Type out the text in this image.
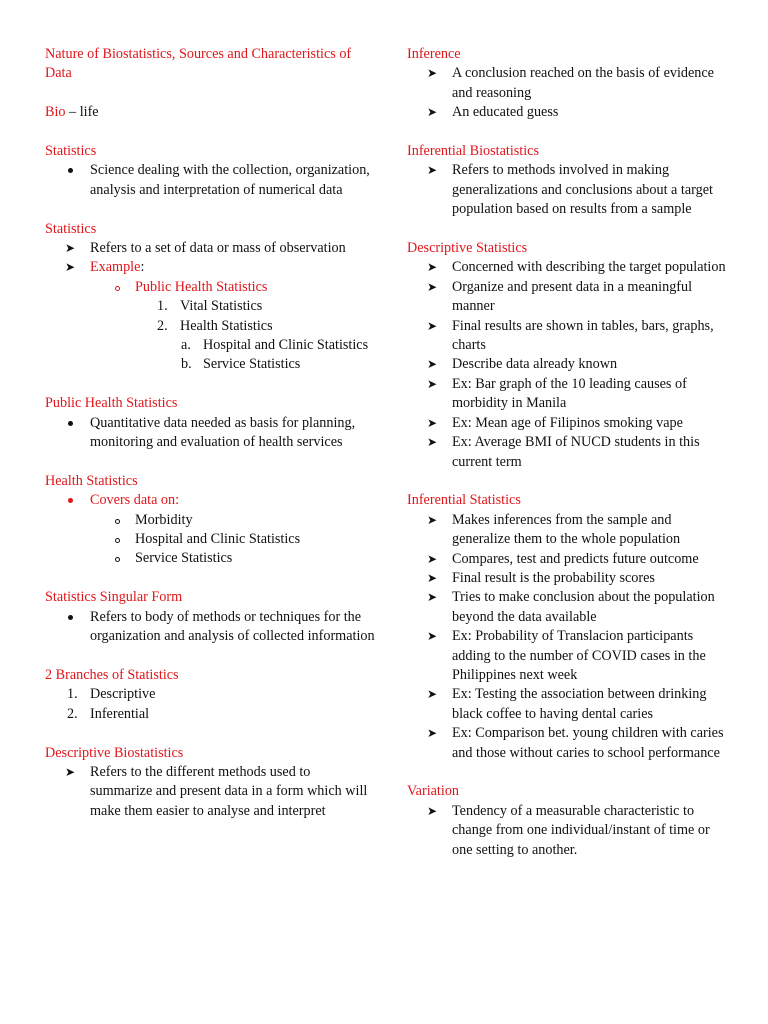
Nature of Biostatistics, Sources and Characteristics of Data

Bio – life

Statistics

Science dealing with the collection, organization, analysis and interpretation of numerical data

Statistics

➤ Refers to a set of data or mass of observation
➤ Example:
Public Health Statistics
1. Vital Statistics
2. Health Statistics
a. Hospital and Clinic Statistics
b. Service Statistics

Public Health Statistics

Quantitative data needed as basis for planning, monitoring and evaluation of health services

Health Statistics

Covers data on:
Morbidity
Hospital and Clinic Statistics
Service Statistics

Statistics Singular Form

Refers to body of methods or techniques for the organization and analysis of collected information

2 Branches of Statistics

1. Descriptive
2. Inferential

Descriptive Biostatistics

➤ Refers to the different methods used to summarize and present data in a form which will make them easier to analyse and interpret

Inference

➤ A conclusion reached on the basis of evidence and reasoning
➤ An educated guess

Inferential Biostatistics

➤ Refers to methods involved in making generalizations and conclusions about a target population based on results from a sample

Descriptive Statistics

➤ Concerned with describing the target population
➤ Organize and present data in a meaningful manner
➤ Final results are shown in tables, bars, graphs, charts
➤ Describe data already known
➤ Ex: Bar graph of the 10 leading causes of morbidity in Manila
➤ Ex: Mean age of Filipinos smoking vape
➤ Ex: Average BMI of NUCD students in this current term

Inferential Statistics

➤ Makes inferences from the sample and generalize them to the whole population
➤ Compares, test and predicts future outcome
➤ Final result is the probability scores
➤ Tries to make conclusion about the population beyond the data available
➤ Ex: Probability of Translacion participants adding to the number of COVID cases in the Philippines next week
➤ Ex: Testing the association between drinking black coffee to having dental caries
➤ Ex: Comparison bet. young children with caries and those without caries to school performance

Variation

➤ Tendency of a measurable characteristic to change from one individual/instant of time or one setting to another.
